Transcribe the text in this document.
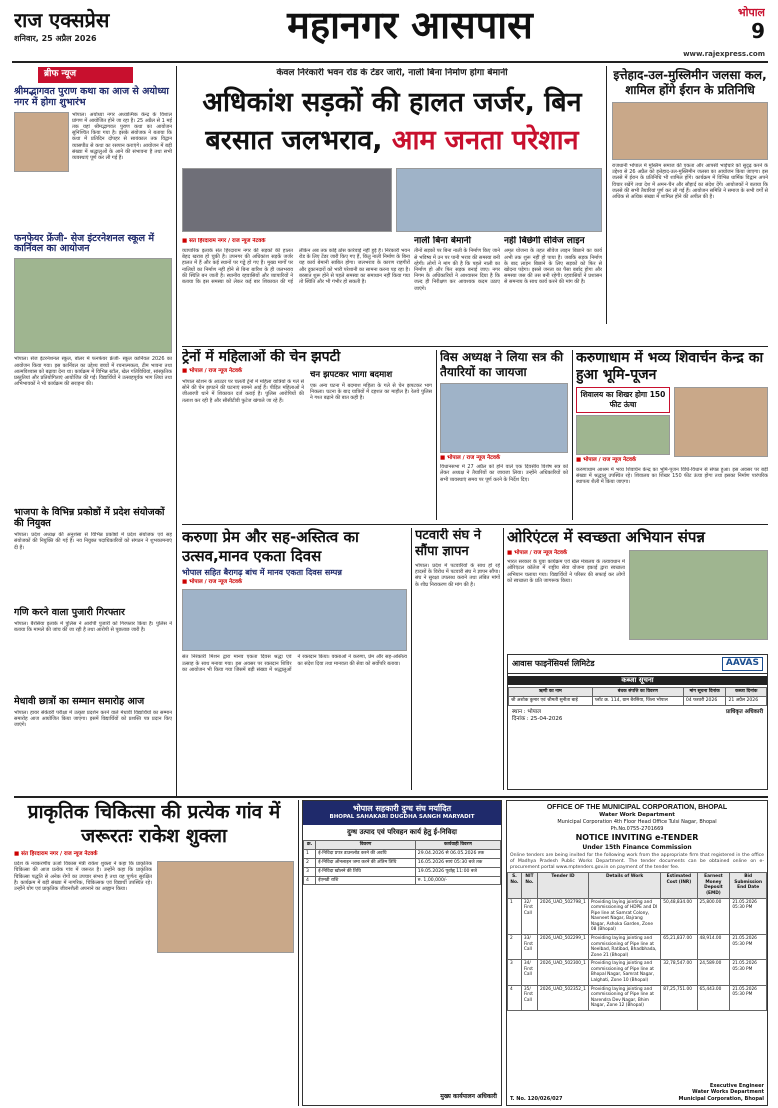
राज एक्सप्रेस
शनिवार, 25 अप्रैल 2026	महानगर आसपास	भोपाल
9
www.rajexpress.com
ब्रीफ न्यूज
श्रीमद्भागवत पुराण कथा का आज से अयोध्या नगर में होगा शुभारंभ
भोपाल। अयोध्या नगर अध्यात्मिक केन्द्र के विशाल प्रांगण में आयोजित होने जा रहा है। 25 अप्रैल से 1 मई तक यहां श्रीमद्भागवत पुराण कथा का आयोजन सुनिश्चित किया गया है। इसके संयोजक ने बताया कि कथा में प्रतिदिन दोपहर से सायंकाल तक विद्वान व्यासपीठ से कथा का रसपान कराएंगे। आयोजन में बड़ी संख्या में श्रद्धालुओं के आने की संभावना है तथा सभी व्यवस्थाएं पूर्ण कर ली गई हैं।
फनफेयर फ्रेंजी- सेज इंटरनेशनल स्कूल में कार्निवल का आयोजन
भोपाल। सेज इंटरनेशनल स्कूल, बोलर में फनफेयर फ्रेंजी- स्कूल कार्निवल 2026 का आयोजन किया गया। इस कार्निवल का उद्देश्य बच्चों में रचनात्मकता, टीम भावना तथा आत्मविश्वास को बढ़ावा देना था। कार्यक्रम में विभिन्न स्टॉल, खेल गतिविधियां, सांस्कृतिक प्रस्तुतियां और प्रतियोगिताएं आयोजित की गईं। विद्यार्थियों ने उत्साहपूर्वक भाग लिया तथा अभिभावकों ने भी कार्यक्रम की सराहना की।
भाजपा के विभिन्न प्रकोष्ठों में प्रदेश संयोजकों की नियुक्त
भोपाल। प्रदेश अध्यक्ष की अनुशंसा से विभिन्न प्रकोष्ठों में प्रदेश संयोजक एवं सह संयोजकों की नियुक्ति की गई है। नव नियुक्त पदाधिकारियों को संगठन ने शुभकामनाएं दी हैं।
गणि करने वाला पुजारी गिरफ्तार
भोपाल। बैरसिया इलाके में पुलिस ने आरोपी पुजारी को गिरफ्तार किया है। पुलिस ने बताया कि मामले की जांच की जा रही है तथा आरोपी से पूछताछ जारी है।
मेधावी छात्रों का सम्मान समारोह आज
भोपाल। हायर सेकेंडरी परीक्षा में उत्कृष्ट प्रदर्शन करने वाले मेधावी विद्यार्थियों का सम्मान समारोह आज आयोजित किया जाएगा। इसमें विद्यार्थियों को प्रशस्ति पत्र प्रदान किए जाएंगे।
केवल निरंकारी भवन रोड के टेंडर जारी, नाली बिना निर्माण होगा बेमानी
अधिकांश सड़कों की हालत जर्जर, बिन बरसात जलभराव, आम जनता परेशान
■ संत हिरदाराम नगर / राज न्यूज नेटवर्क
व्यापारिक इलाके संत हिरदाराम नगर की सड़कों की हालत बेहद खराब हो चुकी है। उपनगर की अधिकांश सड़कें जर्जर हालत में हैं और कई स्थानों पर गड्ढे हो गए हैं। मुख्य मार्गों पर नालियों का निर्माण नहीं होने से बिना बारिश के ही जलभराव की स्थिति बन जाती है। स्थानीय रहवासियों और व्यापारियों ने बताया कि इस समस्या को लेकर कई बार शिकायत की गई लेकिन अब तक कोई ठोस कार्रवाई नहीं हुई है। निरंकारी भवन रोड के लिए टेंडर जारी किए गए हैं, किंतु नाली निर्माण के बिना यह कार्य बेमानी साबित होगा। जलभराव के कारण राहगीरों और दुकानदारों को भारी परेशानी का सामना करना पड़ रहा है। बरसात शुरू होने से पहले समस्या का समाधान नहीं किया गया तो स्थिति और भी गंभीर हो सकती है।
नाली बिना बेमानी
तीनों सड़कों पर बिना नाली के निर्माण किए जाने से भविष्य में उन पर पानी भराव की समस्या बनी रहेगी। लोगों ने मांग की है कि पहले नाली का निर्माण हो और फिर सड़क बनाई जाए। नगर निगम के अधिकारियों ने आश्वासन दिया है कि जल्द ही निरीक्षण कर आवश्यक कदम उठाए जाएंगे।
नहीं बिछेगी सीवेज लाइन
अमृत योजना के तहत सीवेज लाइन बिछाने का कार्य अभी तक शुरू नहीं हो पाया है। जबकि सड़क निर्माण के बाद लाइन बिछाने के लिए सड़कों को फिर से खोदना पड़ेगा। इससे जनता का पैसा बर्बाद होगा और समस्या जस की तस बनी रहेगी। रहवासियों ने प्रशासन से समन्वय के साथ कार्य करने की मांग की है।
इत्तेहाद-उल-मुस्लिमीन जलसा कल, शामिल होंगे ईरान के प्रतिनिधि
राजधानी भोपाल में मुस्लिम समाज की एकता और आपसी भाईचारे को सुदृढ़ करने के उद्देश्य से 26 अप्रैल को इत्तेहाद-उल-मुस्लिमीन जलसा का आयोजन किया जाएगा। इस जलसे में ईरान के प्रतिनिधि भी शामिल होंगे। कार्यक्रम में विभिन्न धार्मिक विद्वान अपने विचार रखेंगे तथा देश में अमन-चैन और सौहार्द का संदेश देंगे। आयोजकों ने बताया कि जलसे की सभी तैयारियां पूर्ण कर ली गई हैं। आयोजन समिति ने समाज के सभी वर्गों से अधिक से अधिक संख्या में शामिल होने की अपील की है।
ट्रेनों में महिलाओं की चेन झपटी
■ भोपाल / राज न्यूज नेटवर्क
भोपाल स्टेशन के आउटर पर चलती ट्रेनों में महिला यात्रियों के गले से सोने की चेन झपटने की घटनाएं सामने आई हैं। पीड़ित महिलाओं ने जीआरपी थाने में शिकायत दर्ज कराई है। पुलिस आरोपियों की तलाश कर रही है और सीसीटीवी फुटेज खंगाले जा रहे हैं।
चेन झपटकर भागा बदमाश
एक अन्य घटना में बदमाश महिला के गले से चेन झपटकर भाग निकला। घटना के बाद यात्रियों में दहशत का माहौल है। रेलवे पुलिस ने गश्त बढ़ाने की बात कही है।
विस अध्यक्ष ने लिया सत्र की तैयारियों का जायजा
■ भोपाल / राज न्यूज नेटवर्क
विधानसभा में 27 अप्रैल को होने वाले एक दिवसीय विशेष सत्र को लेकर अध्यक्ष ने तैयारियों का जायजा लिया। उन्होंने अधिकारियों को सभी व्यवस्थाएं समय पर पूर्ण करने के निर्देश दिए।
करुणाधाम में भव्य शिवार्चन केन्द्र का हुआ भूमि-पूजन
शिवालय का शिखर होगा 150 फीट ऊंचा
■ भोपाल / राज न्यूज नेटवर्क
करुणाधाम आश्रम में भव्य शिवार्चन केन्द्र का भूमि-पूजन विधि-विधान से संपन्न हुआ। इस अवसर पर बड़ी संख्या में श्रद्धालु उपस्थित रहे। शिवालय का शिखर 150 फीट ऊंचा होगा तथा इसका निर्माण पारंपरिक स्थापत्य शैली में किया जाएगा।
करुणा प्रेम और सह-अस्तित्व का उत्सव,मानव एकता दिवस
भोपाल सहित बैरागढ़ बांच में मानव एकता दिवस सम्पन्न
■ भोपाल / राज न्यूज नेटवर्क
संत निरंकारी मिशन द्वारा मानव एकता दिवस श्रद्धा एवं उत्साह के साथ मनाया गया। इस अवसर पर रक्तदान शिविर का आयोजन भी किया गया जिसमें बड़ी संख्या में श्रद्धालुओं ने रक्तदान किया। वक्ताओं ने करुणा, प्रेम और सह-अस्तित्व का संदेश दिया तथा मानवता की सेवा को सर्वोपरि बताया।
पटवारी संघ ने सौंपा ज्ञापन
भोपाल। प्रदेश में पटवारियों के साथ हो रहे हादसों के विरोध में पटवारी संघ ने ज्ञापन सौंपा। संघ ने सुरक्षा उपलब्ध कराने तथा लंबित मांगों के शीघ्र निराकरण की मांग की है।
ओरिएंटल में स्वच्छता अभियान संपन्न
■ भोपाल / राज न्यूज नेटवर्क
भारत सरकार के युवा कार्यक्रम एवं खेल मंत्रालय के तत्वावधान में ओरिएंटल कॉलेज में राष्ट्रीय सेवा योजना इकाई द्वारा स्वच्छता अभियान चलाया गया। विद्यार्थियों ने परिसर की सफाई कर लोगों को स्वच्छता के प्रति जागरूक किया।
आवास फाइनेंसियर्स लिमिटेड	AAVAS
कब्जा सूचना
ऋणी का नाम	बंधक संपत्ति का विवरण	मांग सूचना दिनांक	कब्जा दिनांक
श्री अशोक कुमार एवं श्रीमती सुनीता बाई	प्लॉट क्र. 114, ग्राम बैरसिया, जिला भोपाल	04 फरवरी 2026	21 अप्रैल 2026
स्थान : भोपाल
दिनांक : 25-04-2026
प्राधिकृत अधिकारी
प्राकृतिक चिकित्सा की प्रत्येक गांव में जरूरतः राकेश शुक्ला
■ संत हिरदाराम नगर / राज न्यूज नेटवर्क
प्रदेश के नवकरणीय ऊर्जा विकास मंत्री राकेश शुक्ला ने कहा कि प्राकृतिक चिकित्सा की आज प्रत्येक गांव में जरूरत है। उन्होंने कहा कि प्राकृतिक चिकित्सा पद्धति से अनेक रोगों का उपचार संभव है तथा यह पूर्णतः सुरक्षित है। कार्यक्रम में बड़ी संख्या में नागरिक, चिकित्सक एवं विद्यार्थी उपस्थित रहे। उन्होंने योग एवं प्राकृतिक जीवनशैली अपनाने का आह्वान किया।
भोपाल सहकारी दुग्ध संघ मर्यादित
BHOPAL SAHAKARI DUGDHA SANGH MARYADIT
दुग्ध उत्पाद एवं परिवहन कार्य हेतु ई-निविदा
क्र.	विवरण	कार्यवाही विवरण
1	ई-निविदा प्रपत्र डाउनलोड करने की अवधि	29.04.2026 से 06.05.2026 तक
2	ई-निविदा ऑनलाइन जमा करने की अंतिम तिथि	16.05.2026 सायं 05:30 बजे तक
3	ई-निविदा खोलने की तिथि	19.05.2026 पूर्वाह्न 11:00 बजे
4	ईएमडी राशि	रु. 1,00,000/-
मुख्य कार्यपालन अधिकारी
OFFICE OF THE MUNICIPAL CORPORATION, BHOPAL
Water Work Department
Municipal Corporation 4th Floor Head Office Tulsi Nagar, Bhopal
Ph.No.0755-2701669
NOTICE INVITING e-TENDER
Under 15th Finance Commission
Online tenders are being invited for the following work from the appropriate firm that registered in the office of Madhya Pradesh Public Works Department. The tender documents can be obtained online on e-procurement portal www.mptenders.gov.in on payment of the tender fee.
S. No.	NIT No.	Tender ID	Details of Work	Estimated Cost (INR)	Earnest Money Deposit (EMD)	Bid Submission End Date
1	32/ First Call	2026_UAD_502798_1	Providing laying jointing and commissioning of HDPE and DI Pipe line at Samrat Colony, Navneet Nagar, Bajrang Nagar, Ashoka Garden, Zone 08 (Bhopal)	50,48,834.00	25,800.00	21.05.2026 05:30 PM
2	33/ First Call	2026_UAD_502299_1	Providing laying jointing and commissioning of Pipe line at Neelbad, Ratibad, Bhadbhada, Zone 21 (Bhopal)	65,21,837.00	48,914.00	21.05.2026 05:30 PM
3	34/ First Call	2026_UAD_502300_1	Providing laying jointing and commissioning of Pipe line at Bhopal Nagar, Samrat Nagar, Lalghati, Zone 10 (Bhopal)	32,78,547.00	24,589.00	21.05.2026 05:30 PM
4	35/ First Call	2026_UAD_502352_1	Providing laying jointing and commissioning of Pipe line at Narendra Dev Nagar, Bhim Nagar, Zone 12 (Bhopal)	87,25,751.00	65,443.00	21.05.2026 05:30 PM
T. No. 120/026/027
Executive Engineer
Water Works Department
Municipal Corporation, Bhopal
